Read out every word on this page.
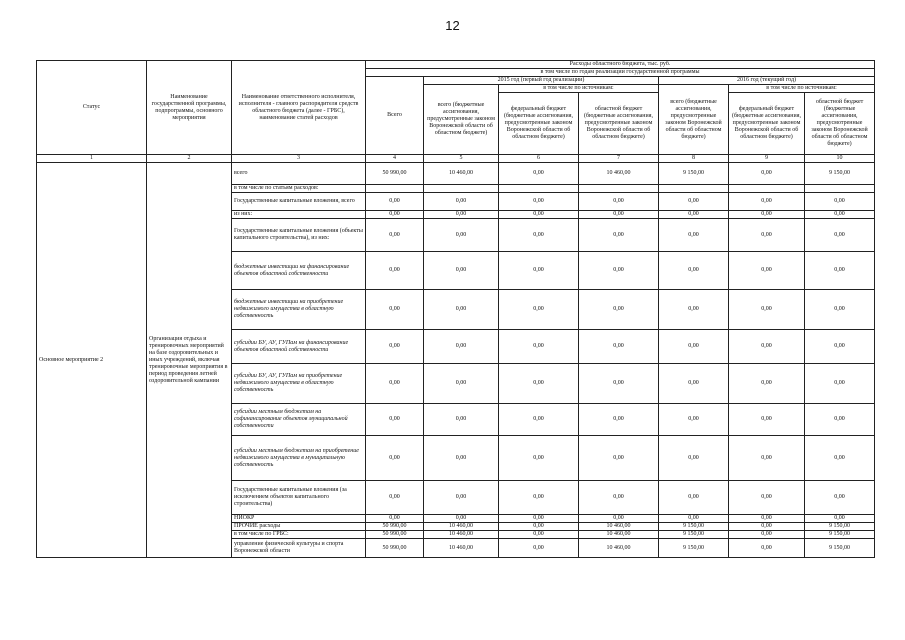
12
Статус	Наименование государственной программы, подпрограммы, основного мероприятия	Наименование ответственного исполнителя, исполнителя - главного распорядителя средств областного бюджета (далее - ГРБС), наименование статей расходов	Расходы областного бюджета, тыс. руб.						
			в том числе по годам реализации государственной программы						
			Всего	2015 год (первый год реализации)			2016 год (текущий год)		
				всего (бюджетные ассигнования, предусмотренные законом Воронежской области об областном бюджете)	в том числе по источникам:		всего (бюджетные ассигнования, предусмотренные законом Воронежской области об областном бюджете)	в том числе по источникам:	
					федеральный бюджет (бюджетные ассигнования, предусмотренные законом Воронежской области об областном бюджете)	областной бюджет (бюджетные ассигнования, предусмотренные законом Воронежской области об областном бюджете)		федеральный бюджет (бюджетные ассигнования, предусмотренные законом Воронежской области об областном бюджете)	областной бюджет (бюджетные ассигнования, предусмотренные законом Воронежской области об областном бюджете)
1	2	3	4	5	6	7	8	9	10
Основное мероприятие 2	Организация отдыха и тренировочных мероприятий на базе оздоровительных и иных учреждений, включая тренировочные мероприятия в период проведения летней оздоровительной кампании	всего	50 990,00	10 460,00	0,00	10 460,00	9 150,00	0,00	9 150,00
		в том числе по статьям расходов:							
		Государственные капитальные вложения, всего	0,00	0,00	0,00	0,00	0,00	0,00	0,00
		из них:	0,00	0,00	0,00	0,00	0,00	0,00	0,00
		Государственные капитальные вложения (объекты капитального строительства), из них:	0,00	0,00	0,00	0,00	0,00	0,00	0,00
		бюджетные инвестиции на финансирование объектов областной собственности	0,00	0,00	0,00	0,00	0,00	0,00	0,00
		бюджетные инвестиции на приобретение недвижимого имущества в областную собственность	0,00	0,00	0,00	0,00	0,00	0,00	0,00
		субсидии БУ, АУ, ГУПам на финансирование объектов областной собственности	0,00	0,00	0,00	0,00	0,00	0,00	0,00
		субсидии БУ, АУ, ГУПам на приобретение недвижимого имущества в областную собственность	0,00	0,00	0,00	0,00	0,00	0,00	0,00
		субсидии местным бюджетам на софинансирование объектов муниципальной собственности	0,00	0,00	0,00	0,00	0,00	0,00	0,00
		субсидии местным бюджетам на приобретение недвижимого имущества в муниципальную собственность	0,00	0,00	0,00	0,00	0,00	0,00	0,00
		Государственные капитальные вложения (за исключением объектов капитального строительства)	0,00	0,00	0,00	0,00	0,00	0,00	0,00
		НИОКР	0,00	0,00	0,00	0,00	0,00	0,00	0,00
		ПРОЧИЕ расходы	50 990,00	10 460,00	0,00	10 460,00	9 150,00	0,00	9 150,00
		в том числе по ГРБС:	50 990,00	10 460,00	0,00	10 460,00	9 150,00	0,00	9 150,00
		управление физической культуры и спорта Воронежской области	50 990,00	10 460,00	0,00	10 460,00	9 150,00	0,00	9 150,00
